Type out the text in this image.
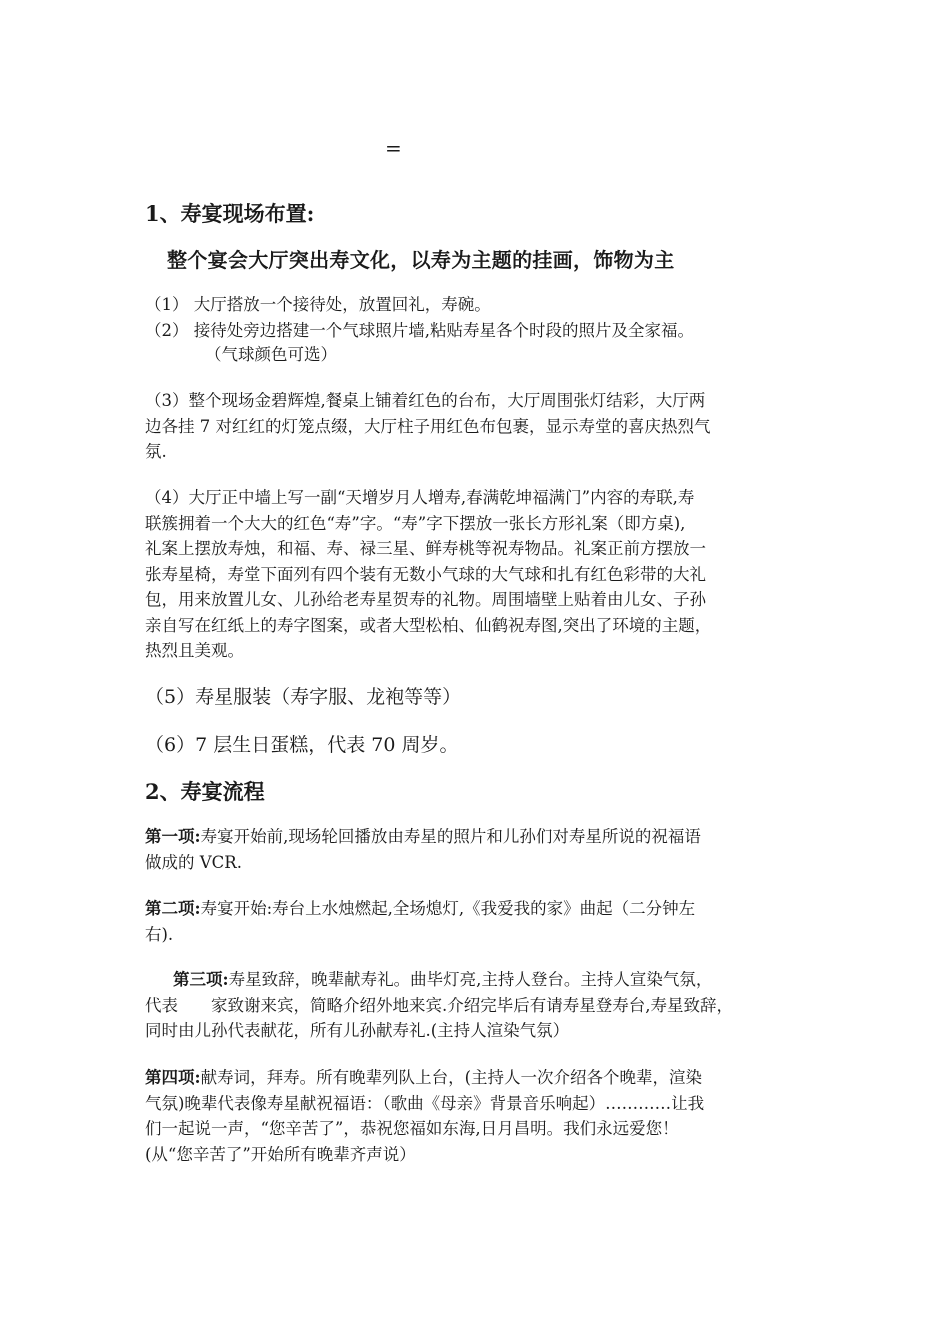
=
1、寿宴现场布置:
整个宴会大厅突出寿文化，以寿为主题的挂画，饰物为主
（1） 大厅搭放一个接待处，放置回礼，寿碗。
（2） 接待处旁边搭建一个气球照片墙,粘贴寿星各个时段的照片及全家福。
（气球颜色可选）
（3）整个现场金碧辉煌,餐桌上铺着红色的台布，大厅周围张灯结彩，大厅两
边各挂 7 对红红的灯笼点缀，大厅柱子用红色布包裹，显示寿堂的喜庆热烈气
氛.
（4）大厅正中墙上写一副“天增岁月人增寿,春满乾坤福满门”内容的寿联,寿
联簇拥着一个大大的红色“寿”字。“寿”字下摆放一张长方形礼案（即方桌),
礼案上摆放寿烛，和福、寿、禄三星、鲜寿桃等祝寿物品。礼案正前方摆放一
张寿星椅，寿堂下面列有四个装有无数小气球的大气球和扎有红色彩带的大礼
包，用来放置儿女、儿孙给老寿星贺寿的礼物。周围墙壁上贴着由儿女、子孙
亲自写在红纸上的寿字图案，或者大型松柏、仙鹤祝寿图,突出了环境的主题，
热烈且美观。
（5）寿星服装（寿字服、龙袍等等）
（6）7 层生日蛋糕，代表 70 周岁。
2、寿宴流程
第一项:寿宴开始前,现场轮回播放由寿星的照片和儿孙们对寿星所说的祝福语
做成的 VCR.
第二项:寿宴开始:寿台上水烛燃起,全场熄灯,《我爱我的家》曲起（二分钟左
右).
第三项:寿星致辞，晚辈献寿礼。曲毕灯亮,主持人登台。主持人宣染气氛，
代表　　家致谢来宾，简略介绍外地来宾.介绍完毕后有请寿星登寿台,寿星致辞，
同时由儿孙代表献花，所有儿孙献寿礼.(主持人渲染气氛）
第四项:献寿词，拜寿。所有晚辈列队上台，(主持人一次介绍各个晚辈，渲染
气氛)晚辈代表像寿星献祝福语：（歌曲《母亲》背景音乐响起）…………让我
们一起说一声，“您辛苦了”，恭祝您福如东海,日月昌明。我们永远爱您！
(从“您辛苦了”开始所有晚辈齐声说）
